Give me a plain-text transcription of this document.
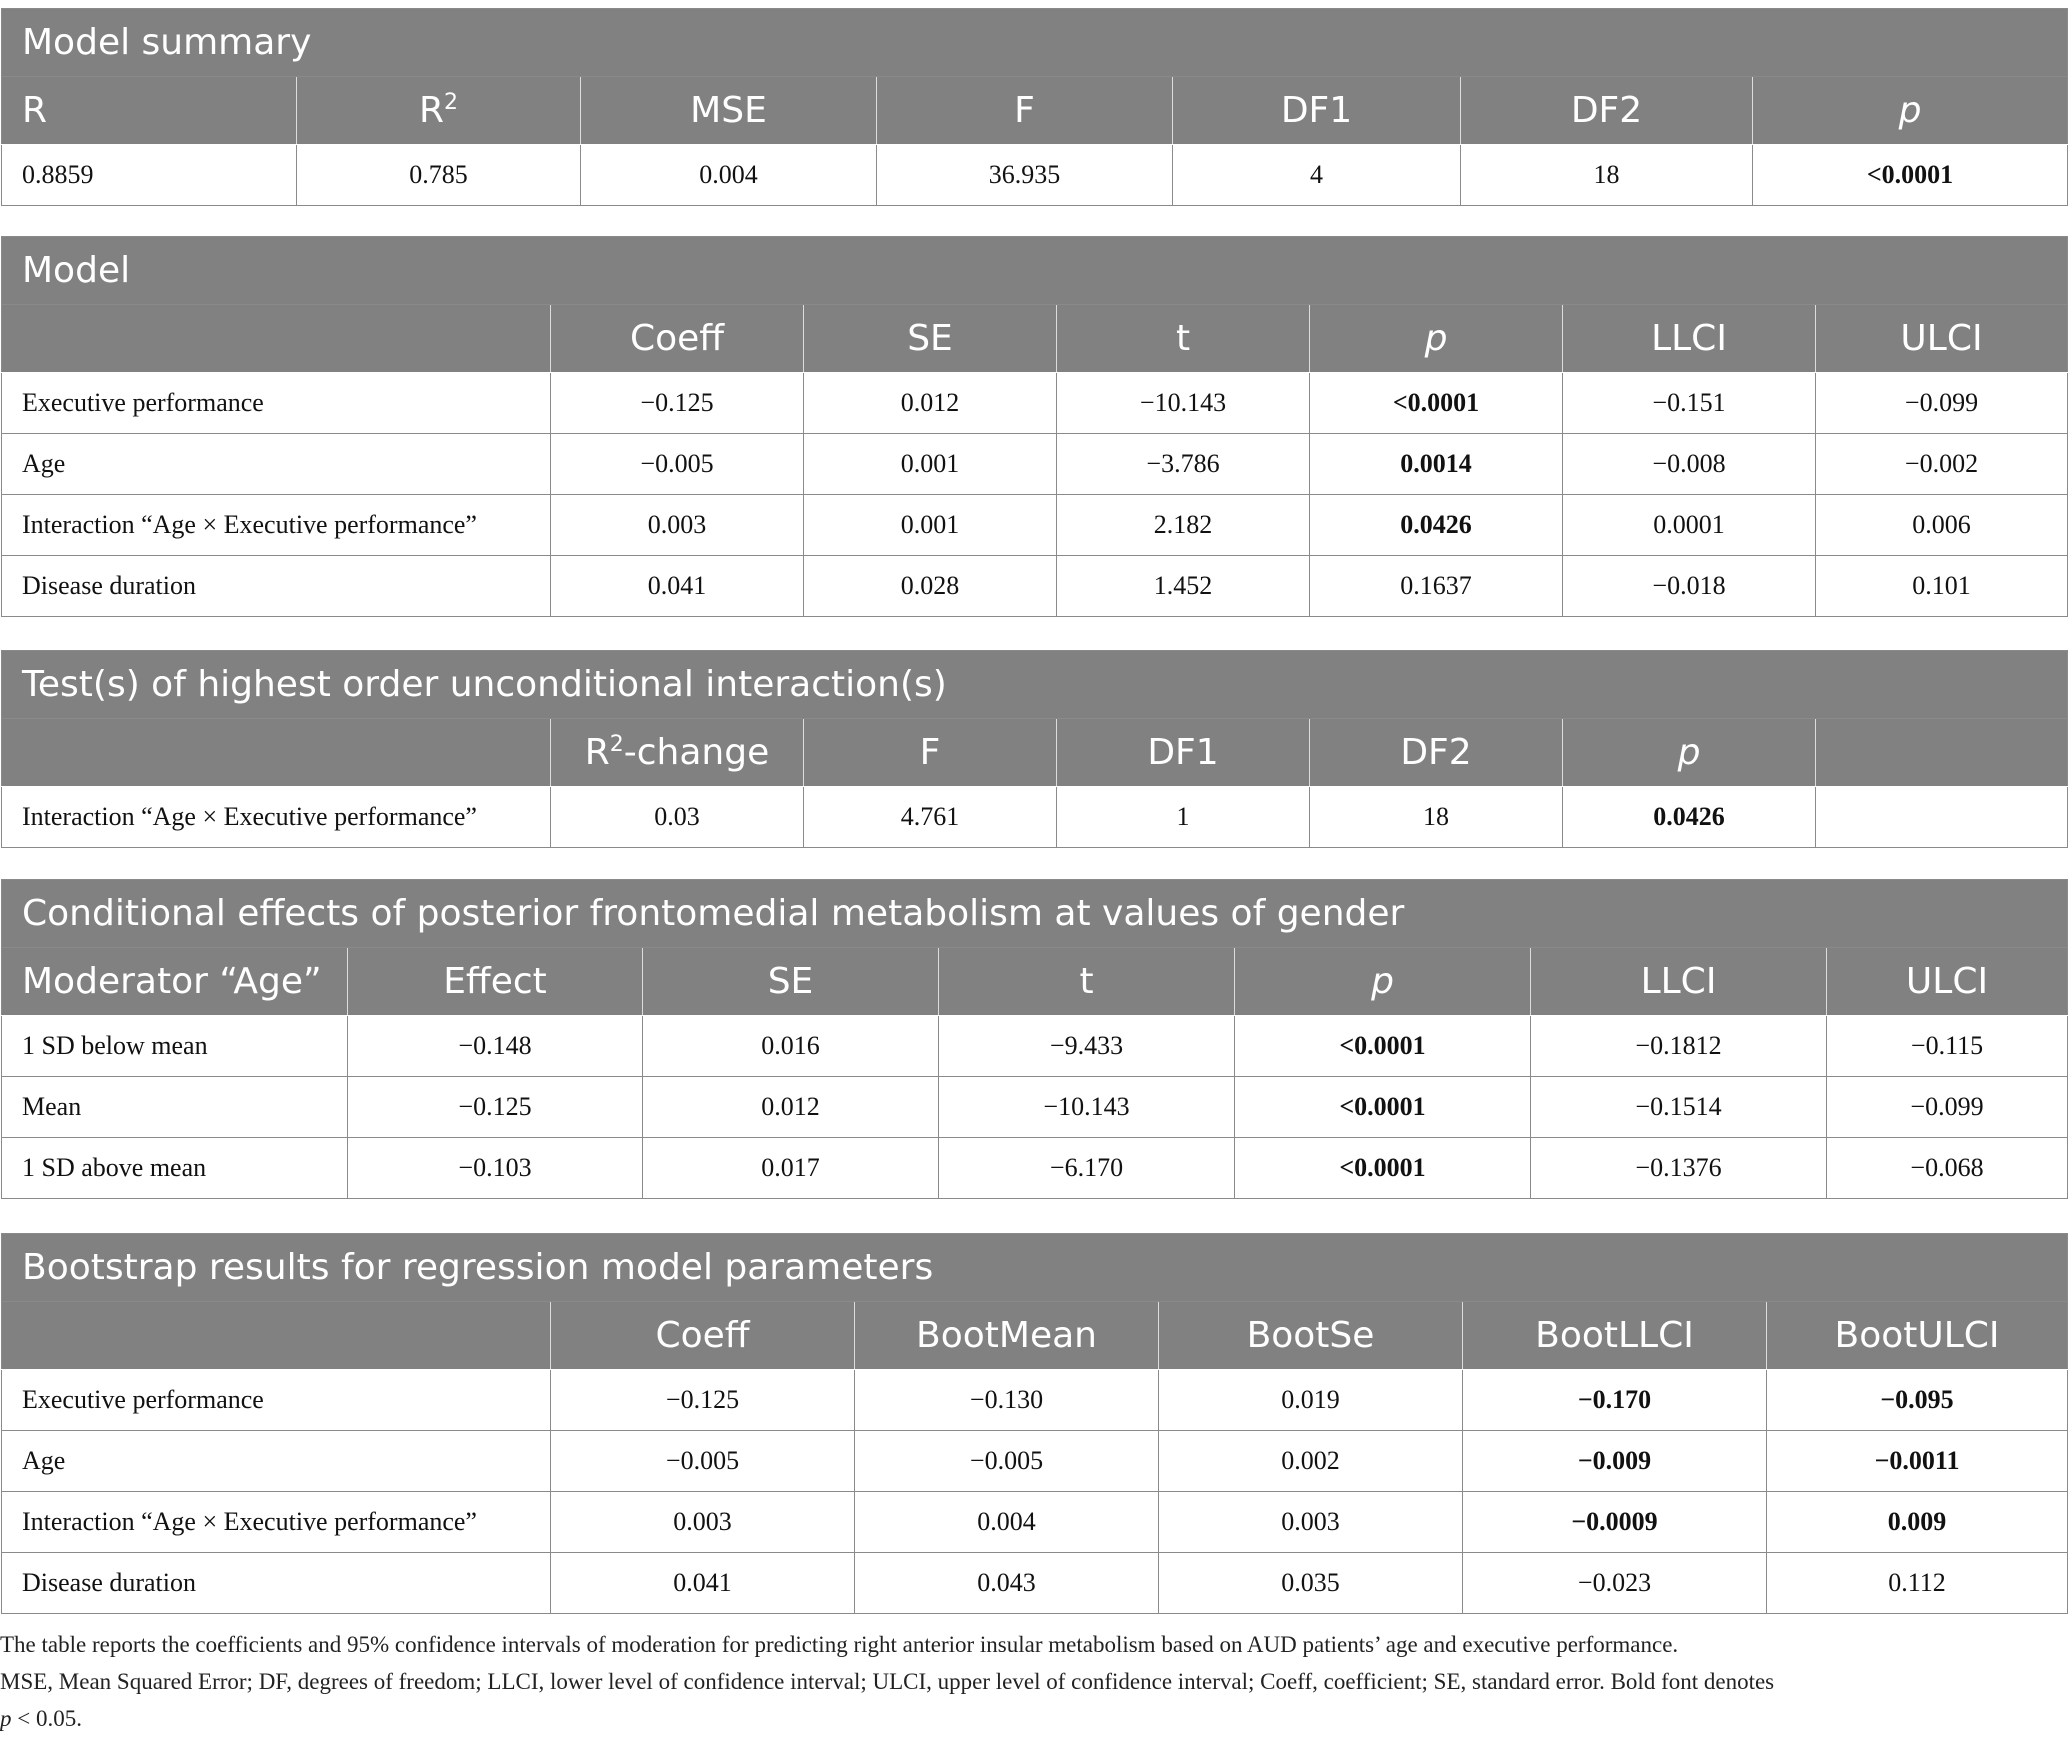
Model summary						
R	$R^2$	MSE	F	DF1	DF2	p
0.8859	0.785	0.004	36.935	4	18	<0.0001
Model						
	Coeff	SE	t	p	LLCI	ULCI
Executive performance	−0.125	0.012	−10.143	<0.0001	−0.151	−0.099
Age	−0.005	0.001	−3.786	0.0014	−0.008	−0.002
Interaction “Age × Executive performance”	0.003	0.001	2.182	0.0426	0.0001	0.006
Disease duration	0.041	0.028	1.452	0.1637	−0.018	0.101
Test(s) of highest order unconditional interaction(s)						
	$R^2$-change	F	DF1	DF2	p	
Interaction “Age × Executive performance”	0.03	4.761	1	18	0.0426	
Conditional effects of posterior frontomedial metabolism at values of gender						
Moderator “Age”	Effect	SE	t	p	LLCI	ULCI
1 SD below mean	−0.148	0.016	−9.433	<0.0001	−0.1812	−0.115
Mean	−0.125	0.012	−10.143	<0.0001	−0.1514	−0.099
1 SD above mean	−0.103	0.017	−6.170	<0.0001	−0.1376	−0.068
Bootstrap results for regression model parameters					
	Coeff	BootMean	BootSe	BootLLCI	BootULCI
Executive performance	−0.125	−0.130	0.019	−0.170	−0.095
Age	−0.005	−0.005	0.002	−0.009	−0.0011
Interaction “Age × Executive performance”	0.003	0.004	0.003	−0.0009	0.009
Disease duration	0.041	0.043	0.035	−0.023	0.112

The table reports the coefficients and 95% confidence intervals of moderation for predicting right anterior insular metabolism based on AUD patients’ age and executive performance.

MSE, Mean Squared Error; DF, degrees of freedom; LLCI, lower level of confidence interval; ULCI, upper level of confidence interval; Coeff, coefficient; SE, standard error. Bold font denotes

p < 0.05.
